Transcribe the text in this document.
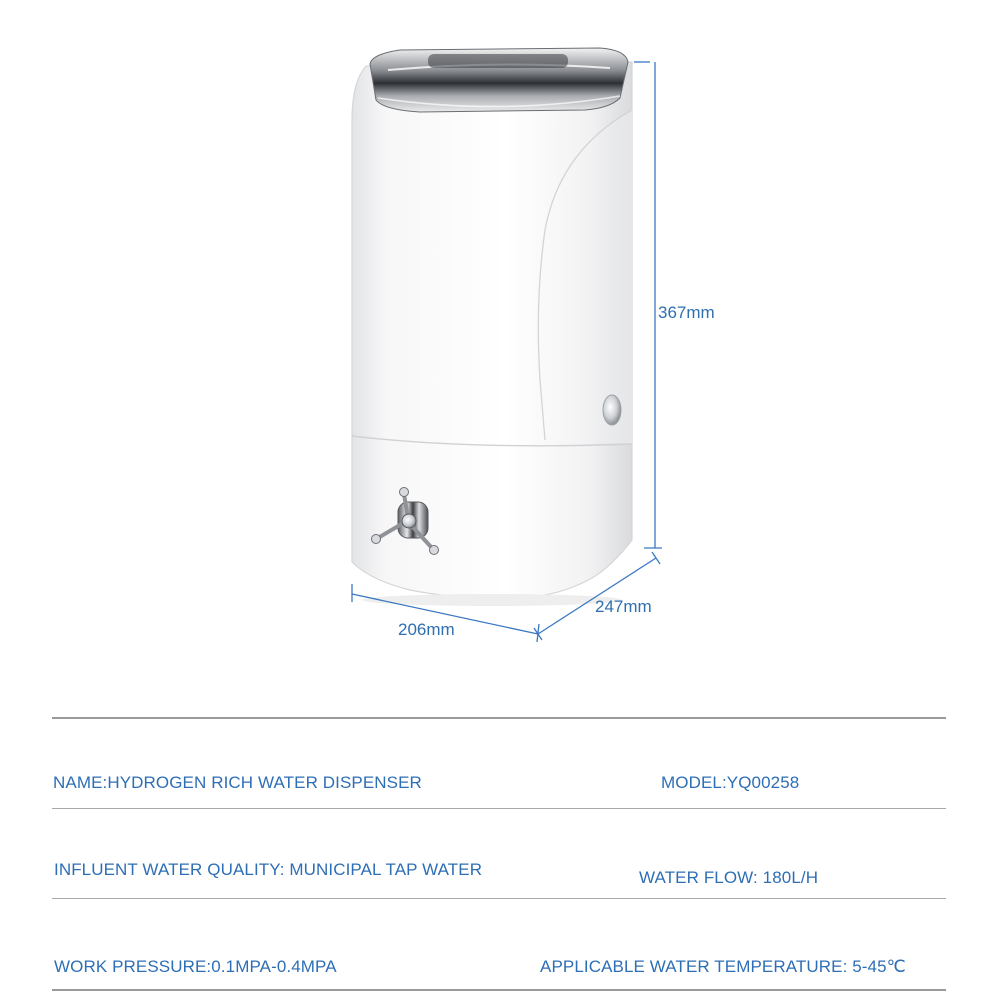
367mm
247mm
206mm
NAME:HYDROGEN RICH WATER DISPENSER	MODEL:YQ00258
INFLUENT WATER QUALITY: MUNICIPAL TAP WATER	WATER FLOW: 180L/H
WORK PRESSURE:0.1MPA-0.4MPA	APPLICABLE WATER TEMPERATURE: 5-45℃
